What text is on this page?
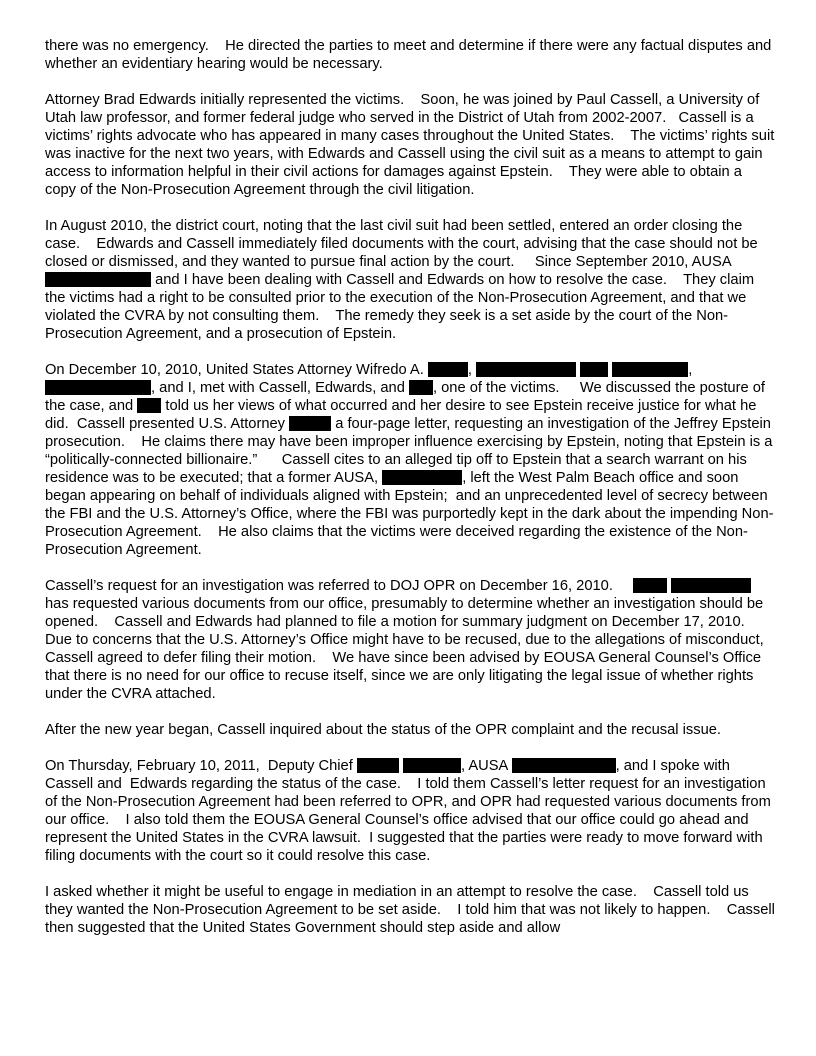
there was no emergency.    He directed the parties to meet and determine if there were any factual disputes and whether an evidentiary hearing would be necessary.

Attorney Brad Edwards initially represented the victims.    Soon, he was joined by Paul Cassell, a University of Utah law professor, and former federal judge who served in the District of Utah from 2002-2007.   Cassell is a victims’ rights advocate who has appeared in many cases throughout the United States.    The victims’ rights suit was inactive for the next two years, with Edwards and Cassell using the civil suit as a means to attempt to gain access to information helpful in their civil actions for damages against Epstein.    They were able to obtain a copy of the Non-Prosecution Agreement through the civil litigation.

In August 2010, the district court, noting that the last civil suit had been settled, entered an order closing the case.    Edwards and Cassell immediately filed documents with the court, advising that the case should not be closed or dismissed, and they wanted to pursue final action by the court.     Since September 2010, AUSA  and I have been dealing with Cassell and Edwards on how to resolve the case.    They claim the victims had a right to be consulted prior to the execution of the Non-Prosecution Agreement, and that we violated the CVRA by not consulting them.    The remedy they seek is a set aside by the court of the Non-Prosecution Agreement, and a prosecution of Epstein.

On December 10, 2010, United States Attorney Wifredo A.	,	, , and I, met with Cassell, Edwards, and , one of the victims.     We discussed the posture of the case, and  told us her views of what occurred and her desire to see Epstein receive justice for what he did.  Cassell presented U.S. Attorney	a four-page letter, requesting an investigation of the Jeffrey Epstein prosecution.    He claims there may have been improper influence exercising by Epstein, noting that Epstein is a “politically-connected billionaire.”      Cassell cites to an alleged tip off to Epstein that a search warrant on his residence was to be executed; that a former AUSA,	, left the West Palm Beach office and soon began appearing on behalf of individuals aligned with Epstein;  and an unprecedented level of secrecy between the FBI and the U.S. Attorney’s Office, where the FBI was purportedly kept in the dark about the impending Non-Prosecution Agreement.    He also claims that the victims were deceived regarding the existence of the Non-Prosecution Agreement.

Cassell’s request for an investigation was referred to DOJ OPR on December 16, 2010.	has requested various documents from our office, presumably to determine whether an investigation should be opened.    Cassell and Edwards had planned to file a motion for summary judgment on December 17, 2010.   Due to concerns that the U.S. Attorney’s Office might have to be recused, due to the allegations of misconduct, Cassell agreed to defer filing their motion.    We have since been advised by EOUSA General Counsel’s Office that there is no need for our office to recuse itself, since we are only litigating the legal issue of whether rights under the CVRA attached.

After the new year began, Cassell inquired about the status of the OPR complaint and the recusal issue.

On Thursday, February 10, 2011,  Deputy Chief	, AUSA	, and I spoke with Cassell and  Edwards regarding the status of the case.    I told them Cassell’s letter request for an investigation of the Non-Prosecution Agreement had been referred to OPR, and OPR had requested various documents from our office.    I also told them the EOUSA General Counsel’s office advised that our office could go ahead and represent the United States in the CVRA lawsuit.  I suggested that the parties were ready to move forward with filing documents with the court so it could resolve this case.

I asked whether it might be useful to engage in mediation in an attempt to resolve the case.    Cassell told us they wanted the Non-Prosecution Agreement to be set aside.    I told him that was not likely to happen.    Cassell then suggested that the United States Government should step aside and allow
